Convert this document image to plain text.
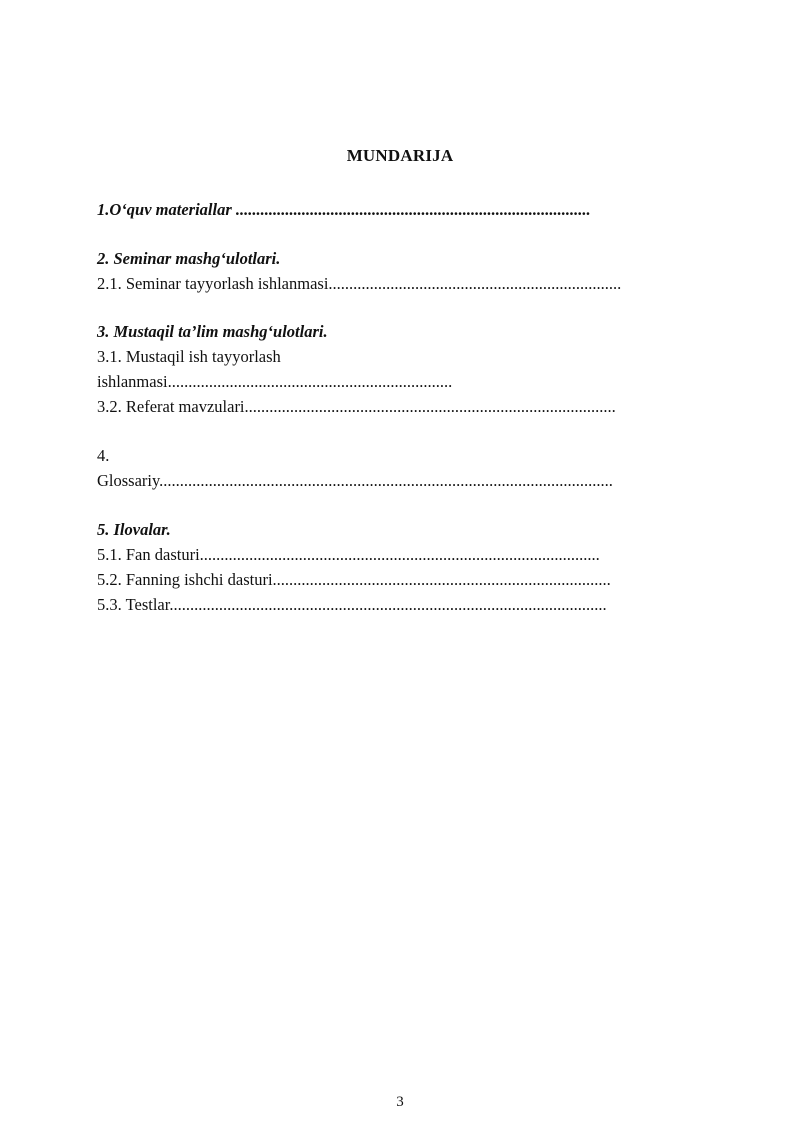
MUNDARIJA
1.O‘quv materiallar ......................................................................................
2. Seminar mashg‘ulotlari.
2.1. Seminar tayyorlash ishlanmasi.......................................................................
3. Mustaqil ta’lim mashg‘ulotlari.
3.1. Mustaqil ish tayyorlash
ishlanmasi.....................................................................
3.2. Referat mavzulari..........................................................................................
4.
Glossariy..............................................................................................................
5. Ilovalar.
5.1. Fan dasturi.................................................................................................
5.2. Fanning ishchi dasturi..................................................................................
5.3. Testlar..........................................................................................................
3
